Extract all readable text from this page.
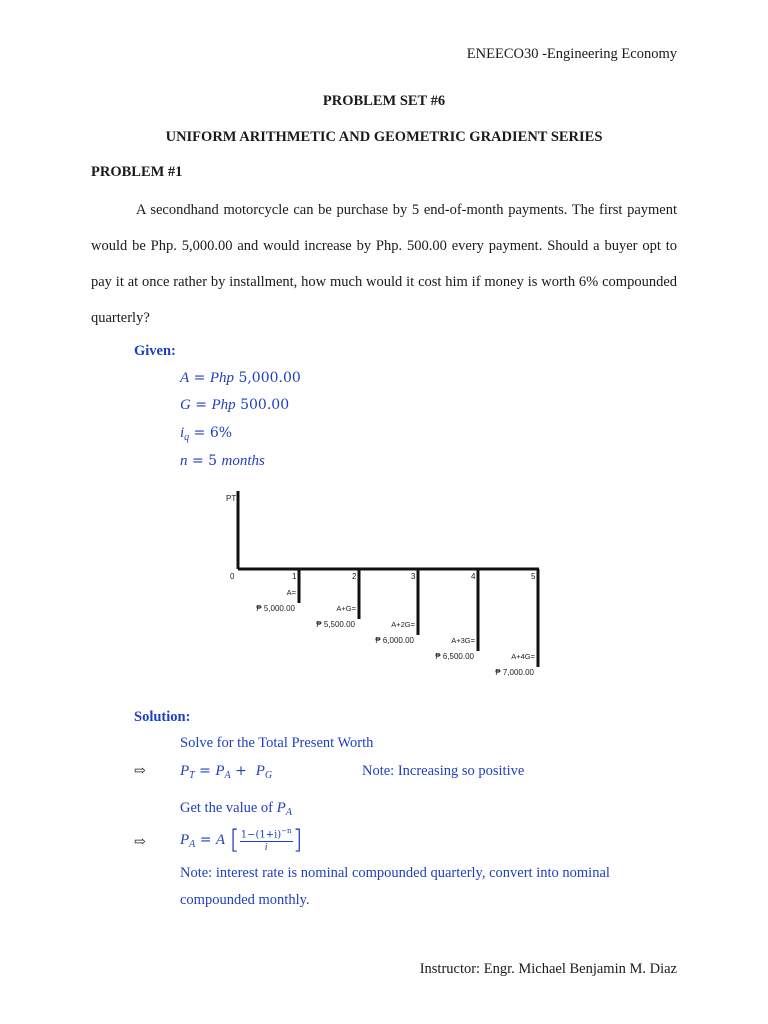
ENEECO30 -Engineering Economy
PROBLEM SET #6
UNIFORM ARITHMETIC AND GEOMETRIC GRADIENT SERIES
PROBLEM #1

A secondhand motorcycle can be purchase by 5 end-of-month payments. The first payment would be Php. 5,000.00 and would increase by Php. 500.00 every payment. Should a buyer opt to pay it at once rather by installment, how much would it cost him if money is worth 6% compounded quarterly?

Given:
A = Php 5,000.00
G = Php 500.00
$i_q = 6\%$
n = 5 months
PT
0	1	2	3	4	5
A=
₱ 5,000.00	A+G=
₱ 5,500.00	A+2G=
₱ 6,000.00	A+3G=
₱ 6,500.00	A+4G=
₱ 7,000.00
Solution:
Solve for the Total Present Worth
⇨ $P_T = P_A + P_G$	Note: Increasing so positive
Get the value of $P_A$
⇨ $P_A = A$ [ $\frac{1-(1+i)^{-n}}{i}$ ]
Note: interest rate is nominal compounded quarterly, convert into nominal
compounded monthly.
Instructor: Engr. Michael Benjamin M. Diaz
